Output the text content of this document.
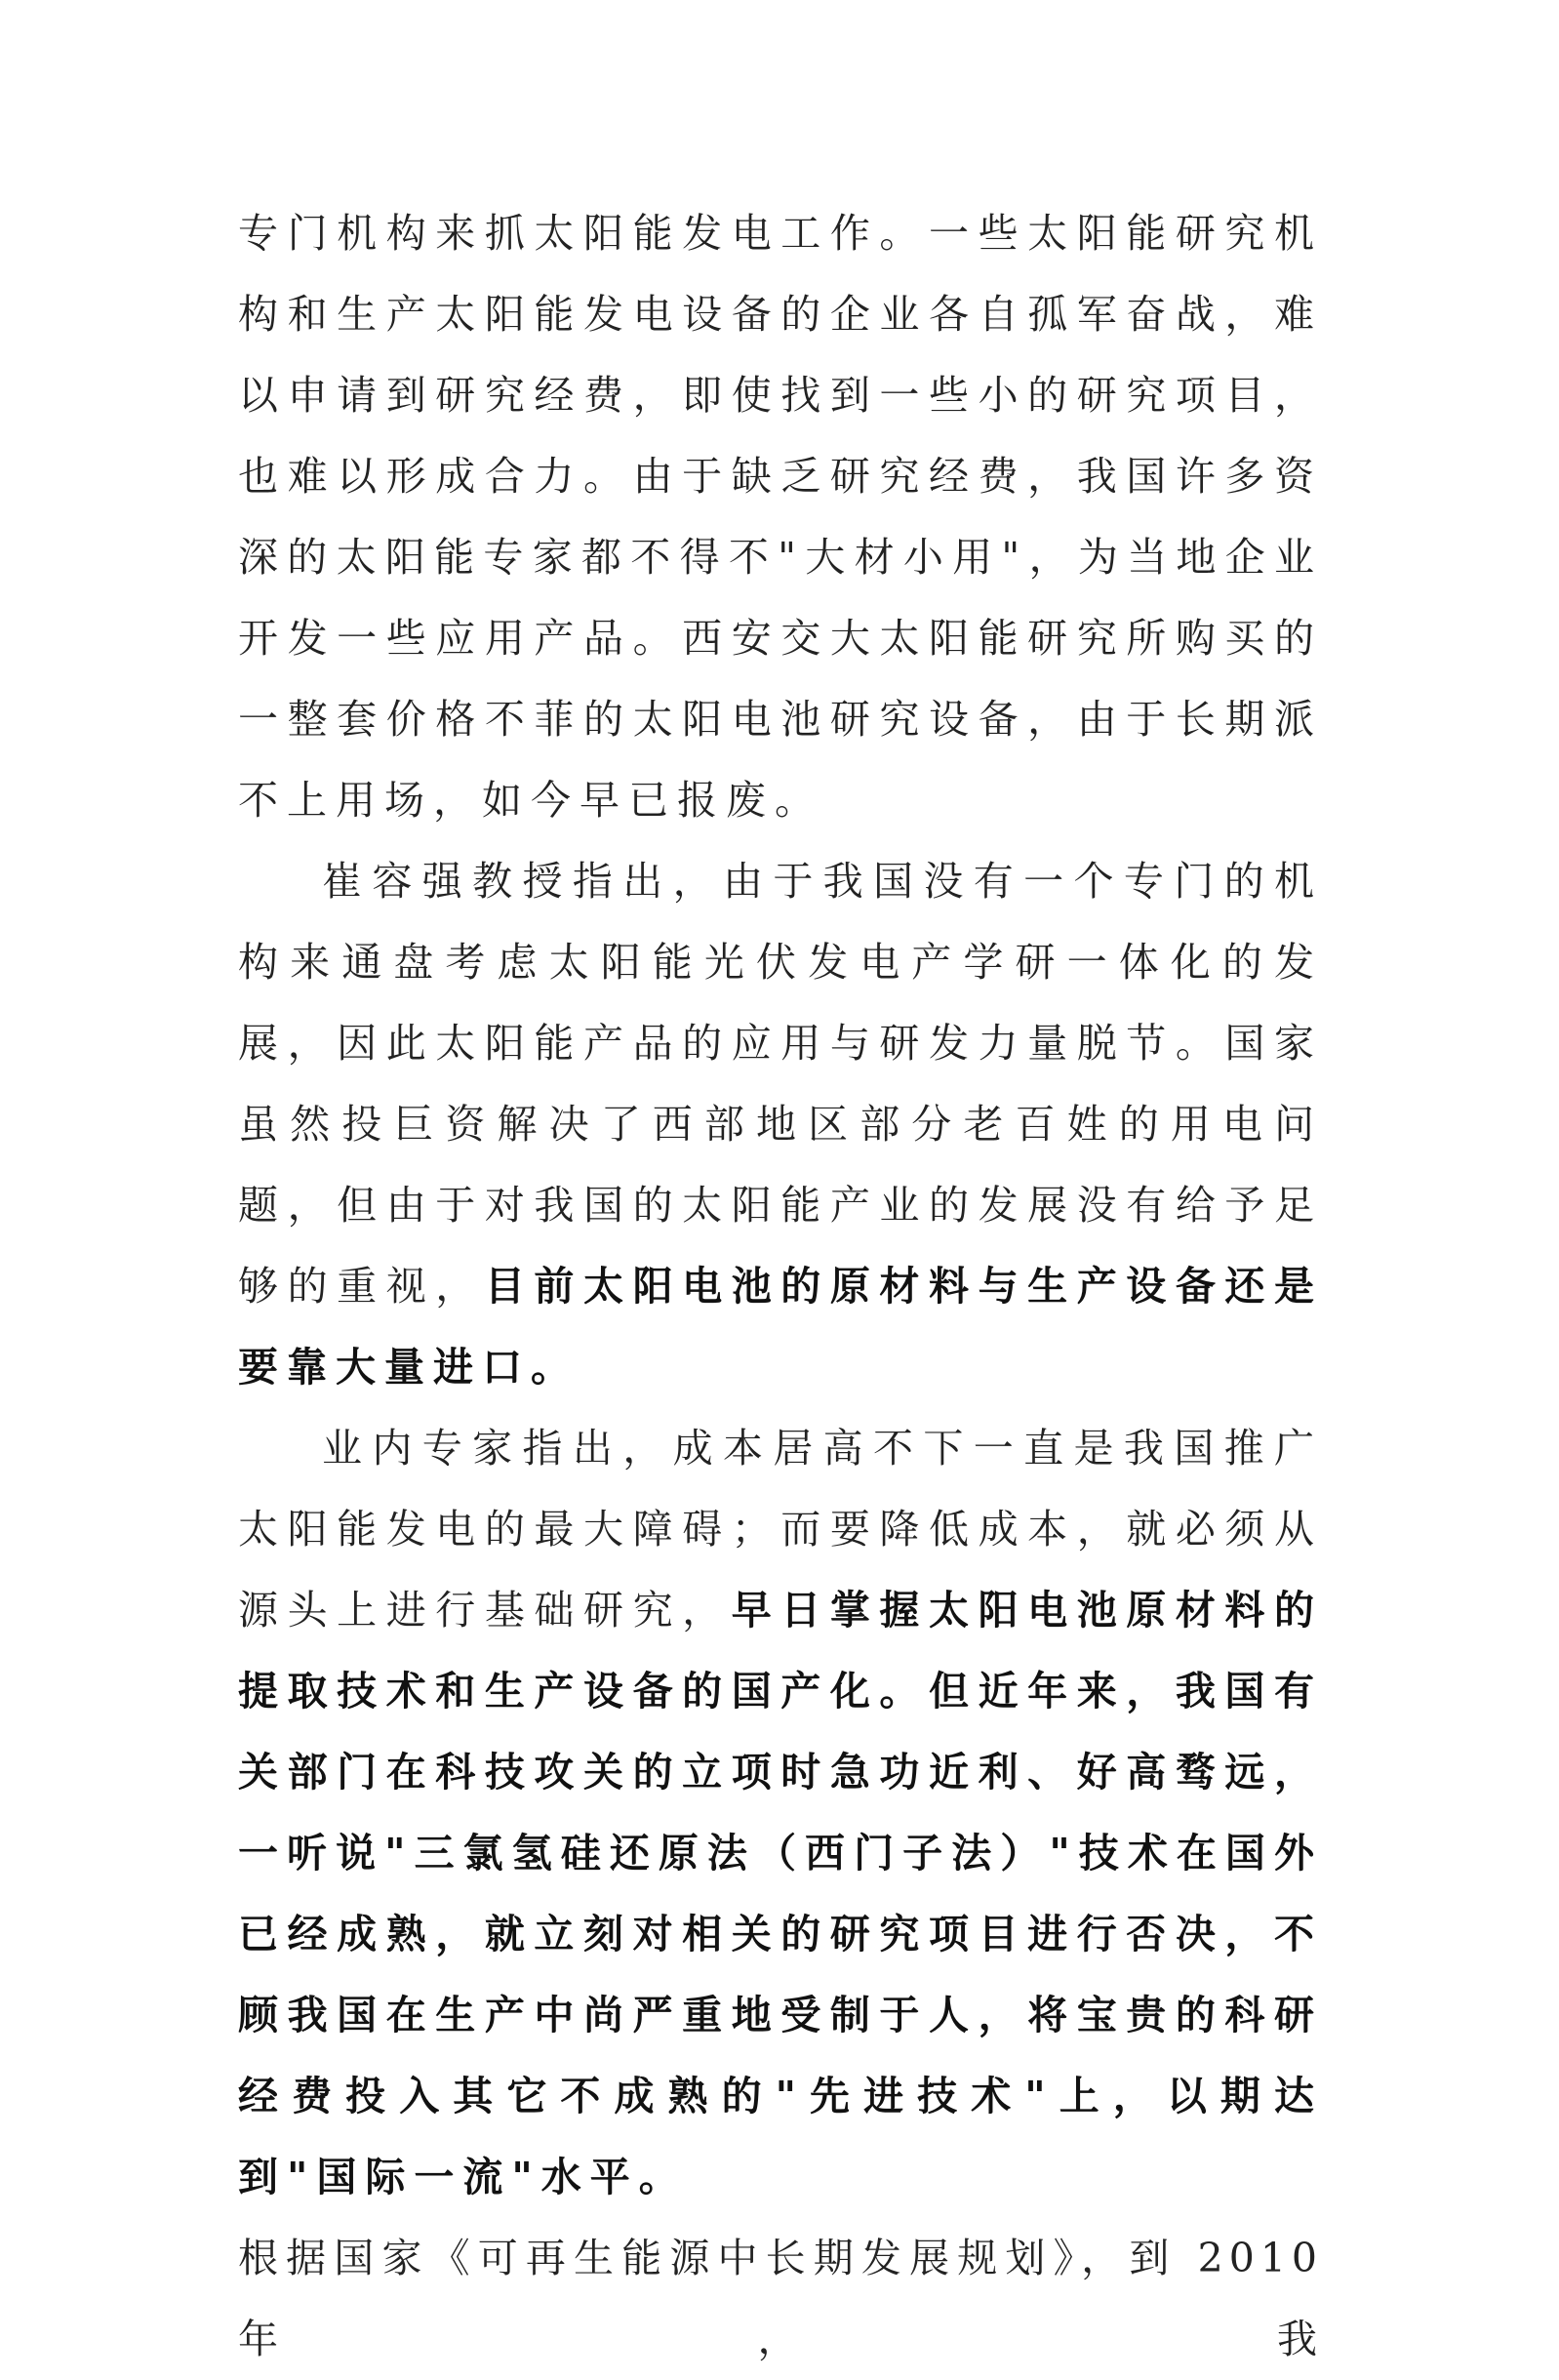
专门机构来抓太阳能发电工作。一些太阳能研究机构和生产太阳能发电设备的企业各自孤军奋战，难以申请到研究经费，即使找到一些小的研究项目，也难以形成合力。由于缺乏研究经费，我国许多资深的太阳能专家都不得不"大材小用"，为当地企业开发一些应用产品。西安交大太阳能研究所购买的一整套价格不菲的太阳电池研究设备，由于长期派不上用场，如今早已报废。

崔容强教授指出，由于我国没有一个专门的机构来通盘考虑太阳能光伏发电产学研一体化的发展，因此太阳能产品的应用与研发力量脱节。国家虽然投巨资解决了西部地区部分老百姓的用电问题，但由于对我国的太阳能产业的发展没有给予足够的重视，目前太阳电池的原材料与生产设备还是要靠大量进口。

业内专家指出，成本居高不下一直是我国推广太阳能发电的最大障碍；而要降低成本，就必须从源头上进行基础研究，早日掌握太阳电池原材料的提取技术和生产设备的国产化。但近年来，我国有关部门在科技攻关的立项时急功近利、好高骛远，一听说"三氯氢硅还原法（西门子法）"技术在国外已经成熟，就立刻对相关的研究项目进行否决，不顾我国在生产中尚严重地受制于人，将宝贵的科研经费投入其它不成熟的"先进技术"上，以期达到"国际一流"水平。

根据国家《可再生能源中长期发展规划》，到 2010 年，我
